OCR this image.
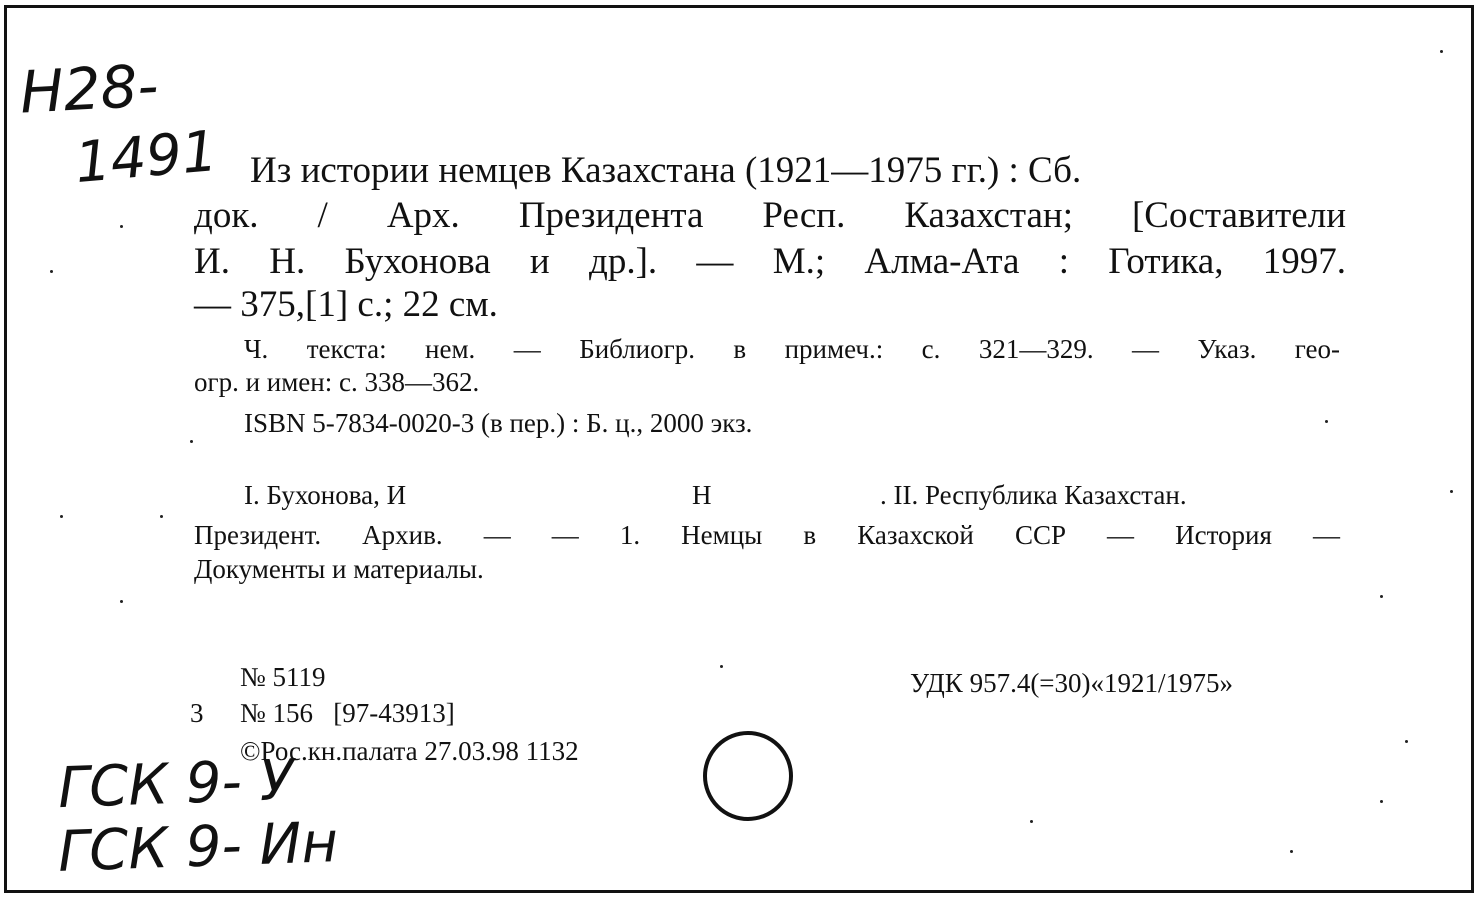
Н28-
1491 Из истории немцев Казахстана (1921—1975 гг.) : Сб.
док. / Арх. Президента Респ. Казахстан; [Составители
И. Н. Бухонова и др.]. — М.; Алма-Ата : Готика, 1997.
— 375,[1] с.; 22 см.
Ч. текста: нем. — Библиогр. в примеч.: с. 321—329. — Указ. гео-
огр. и имен: с. 338—362.
ISBN 5-7834-0020-3 (в пер.) : Б. ц., 2000 экз.
I. Бухонова, И	Н	. II. Республика Казахстан.
Президент. Архив. — — 1. Немцы в Казахской ССР — История —
Документы и материалы.
№ 5119
3 № 156   [97-43913]
©Рос.кн.палата 27.03.98 1132
УДК 957.4(=30)«1921/1975»
ГСК 9- У
ГСК 9- Ин
